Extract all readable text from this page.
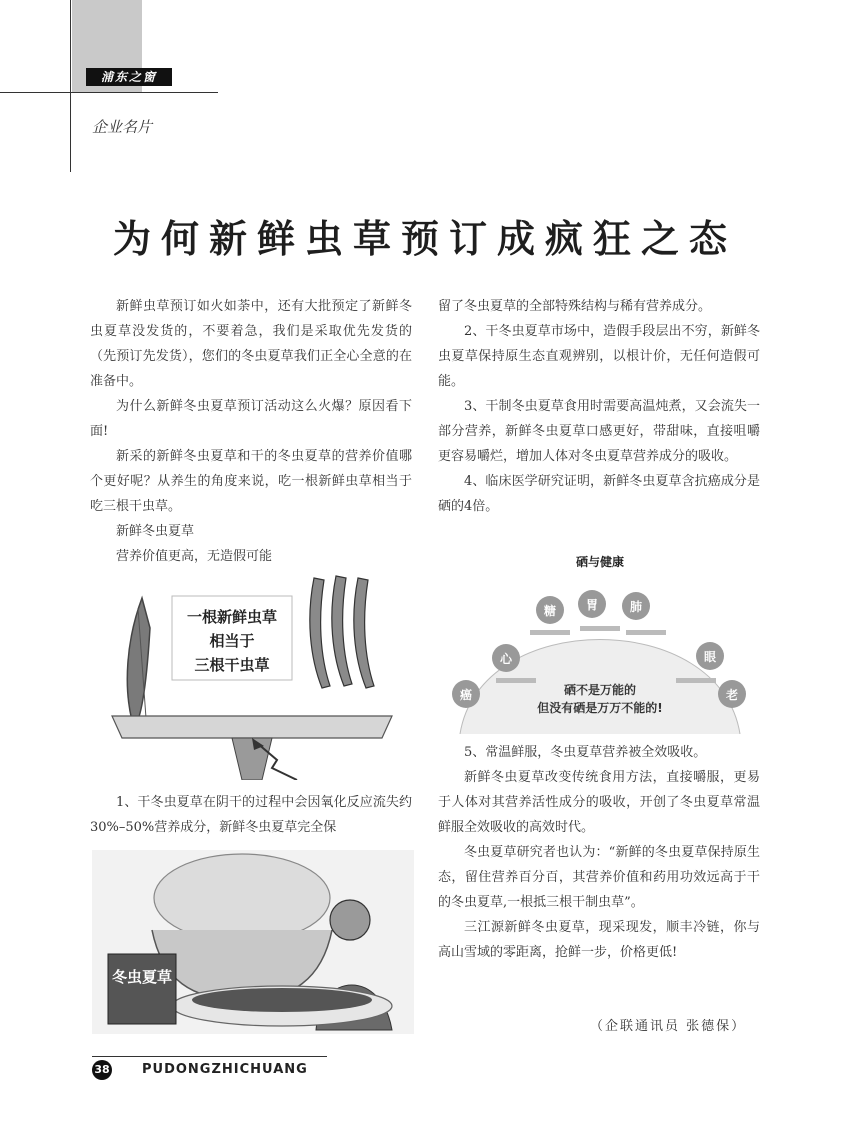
浦东之窗
企业名片
为何新鲜虫草预订成疯狂之态

新鲜虫草预订如火如荼中，还有大批预定了新鲜冬虫夏草没发货的，不要着急，我们是采取优先发货的（先预订先发货），您们的冬虫夏草我们正全心全意的在准备中。

为什么新鲜冬虫夏草预订活动这么火爆？原因看下面!

新采的新鲜冬虫夏草和干的冬虫夏草的营养价值哪个更好呢？从养生的角度来说，吃一根新鲜虫草相当于吃三根干虫草。

新鲜冬虫夏草

营养价值更高，无造假可能

一根新鲜虫草
相当于
三根干虫草

1、干冬虫夏草在阴干的过程中会因氧化反应流失约30%–50%营养成分，新鲜冬虫夏草完全保

冬虫夏草

留了冬虫夏草的全部特殊结构与稀有营养成分。

2、干冬虫夏草市场中，造假手段层出不穷，新鲜冬虫夏草保持原生态直观辨别，以根计价，无任何造假可能。

3、干制冬虫夏草食用时需要高温炖煮，又会流失一部分营养，新鲜冬虫夏草口感更好，带甜味，直接咀嚼更容易嚼烂，增加人体对冬虫夏草营养成分的吸收。

4、临床医学研究证明，新鲜冬虫夏草含抗癌成分是硒的4倍。

硒与健康
糖 胃	肺
心
癌
眼
老
硒不是万能的
但没有硒是万万不能的!

5、常温鲜服，冬虫夏草营养被全效吸收。

新鲜冬虫夏草改变传统食用方法，直接嚼服，更易于人体对其营养活性成分的吸收，开创了冬虫夏草常温鲜服全效吸收的高效时代。

冬虫夏草研究者也认为：“新鲜的冬虫夏草保持原生态，留住营养百分百，其营养价值和药用功效远高于干的冬虫夏草,一根抵三根干制虫草”。

三江源新鲜冬虫夏草，现采现发，顺丰冷链，你与高山雪域的零距离，抢鲜一步，价格更低!

（企联通讯员 张德保）
38 PUDONGZHICHUANG
